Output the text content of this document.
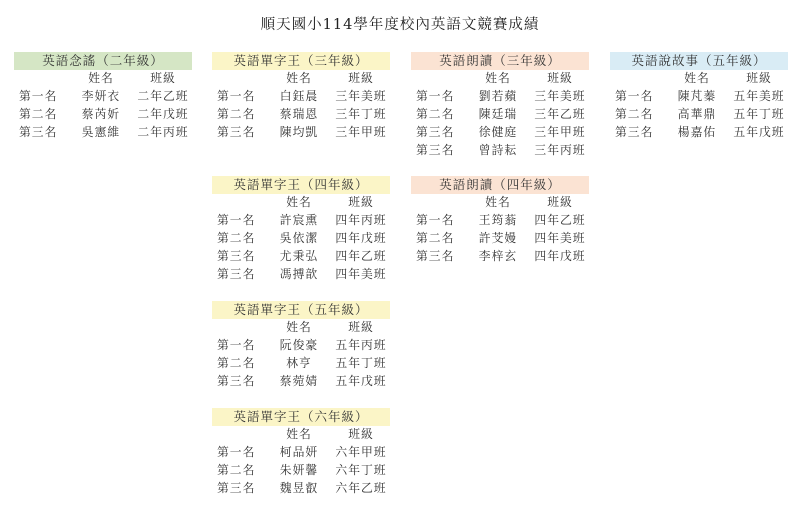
順天國小114學年度校內英語文競賽成績
英語念謠（二年級）
姓名	班級
第一名	李妍衣	二年乙班
第二名	蔡芮妡	二年戊班
第三名	吳憲維	二年丙班
英語單字王（三年級）
姓名	班級
第一名	白鈺晨	三年美班
第二名	蔡瑞恩	三年丁班
第三名	陳均凱	三年甲班
英語朗讀（三年級）
姓名	班級
第一名	劉若蘋	三年美班
第二名	陳廷瑞	三年乙班
第三名	徐健庭	三年甲班
第三名	曾詩耘	三年丙班
英語說故事（五年級）
姓名	班級
第一名	陳芃蓁	五年美班
第二名	高華鼎	五年丁班
第三名	楊嘉佑	五年戊班
英語單字王（四年級）
姓名	班級
第一名	許宸熏	四年丙班
第二名	吳依潔	四年戊班
第三名	尤秉弘	四年乙班
第三名	馮搏歆	四年美班
英語朗讀（四年級）
姓名	班級
第一名	王筠蓊	四年乙班
第二名	許芠嫚	四年美班
第三名	李梓玄	四年戊班
英語單字王（五年級）
姓名	班級
第一名	阮俊豪	五年丙班
第二名	林亨	五年丁班
第三名	蔡菀婧	五年戊班
英語單字王（六年級）
姓名	班級
第一名	柯品妍	六年甲班
第二名	朱妍馨	六年丁班
第三名	魏昱叡	六年乙班
